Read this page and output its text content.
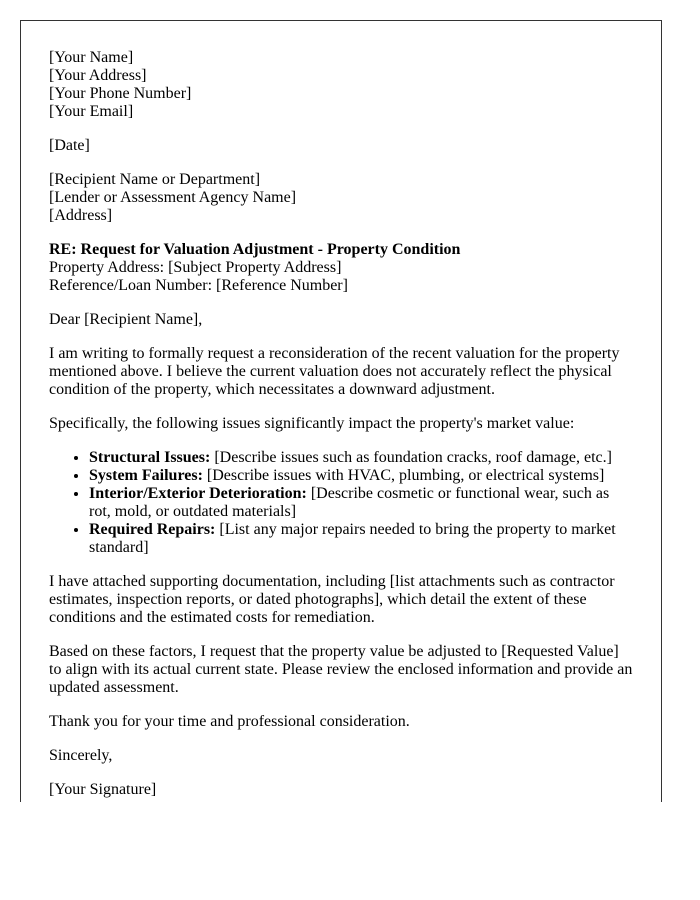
[Your Name]
[Your Address]
[Your Phone Number]
[Your Email]

[Date]

[Recipient Name or Department]
[Lender or Assessment Agency Name]
[Address]

RE: Request for Valuation Adjustment - Property Condition
Property Address: [Subject Property Address]
Reference/Loan Number: [Reference Number]

Dear [Recipient Name],

I am writing to formally request a reconsideration of the recent valuation for the property mentioned above. I believe the current valuation does not accurately reflect the physical condition of the property, which necessitates a downward adjustment.

Specifically, the following issues significantly impact the property's market value:

• Structural Issues: [Describe issues such as foundation cracks, roof damage, etc.]
• System Failures: [Describe issues with HVAC, plumbing, or electrical systems]
• Interior/Exterior Deterioration: [Describe cosmetic or functional wear, such as rot, mold, or outdated materials]
• Required Repairs: [List any major repairs needed to bring the property to market standard]

I have attached supporting documentation, including [list attachments such as contractor estimates, inspection reports, or dated photographs], which detail the extent of these conditions and the estimated costs for remediation.

Based on these factors, I request that the property value be adjusted to [Requested Value] to align with its actual current state. Please review the enclosed information and provide an updated assessment.

Thank you for your time and professional consideration.

Sincerely,

[Your Signature]
